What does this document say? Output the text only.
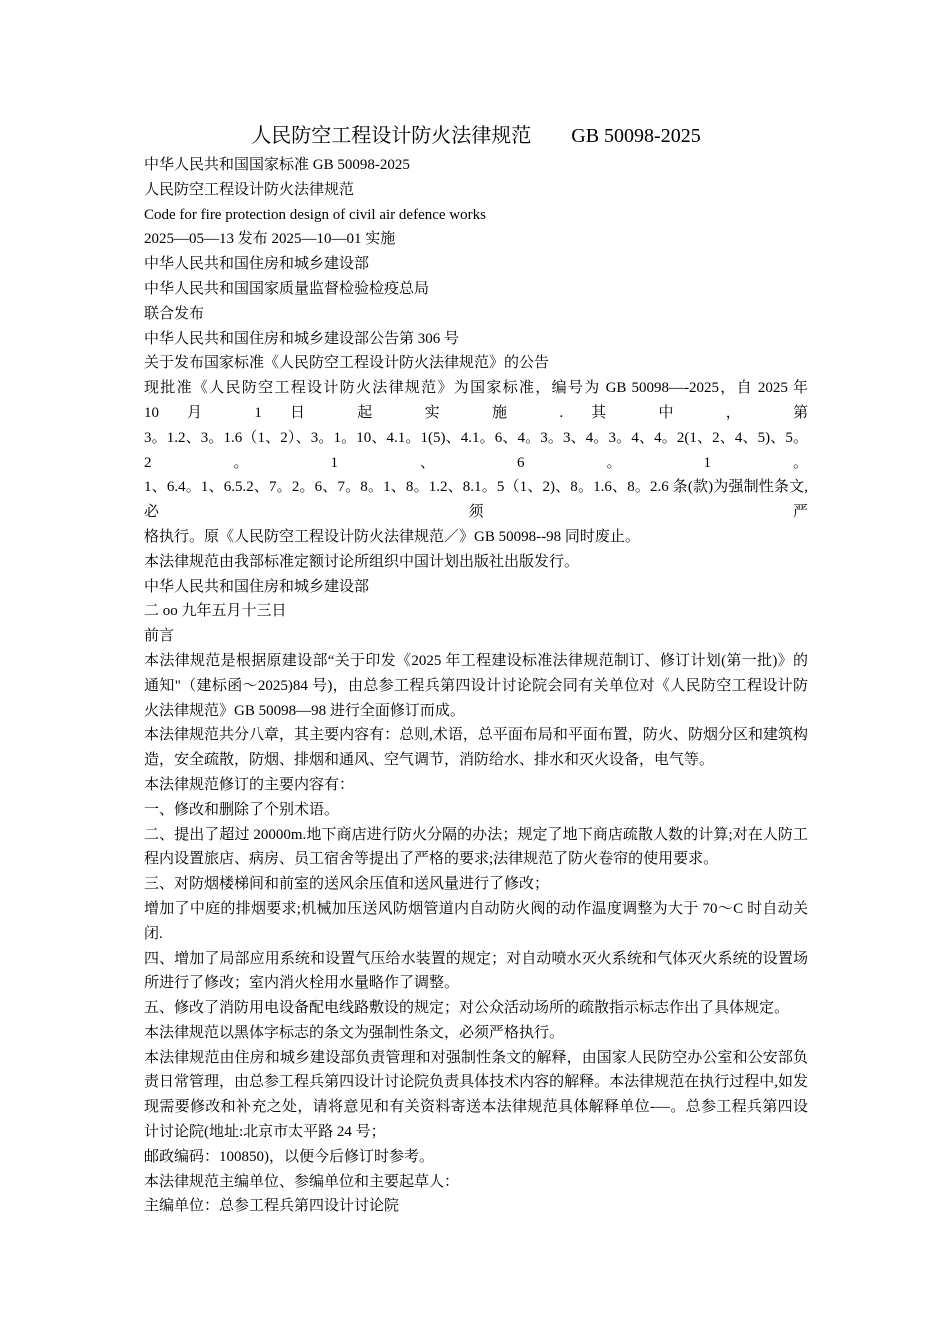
人民防空工程设计防火法律规范　　GB 50098-2025
中华人民共和国国家标准 GB 50098-2025
人民防空工程设计防火法律规范
Code for fire protection design of civil air defence works
2025—05—13 发布 2025—10—01 实施
中华人民共和国住房和城乡建设部
中华人民共和国国家质量监督检验检疫总局
联合发布
中华人民共和国住房和城乡建设部公告第 306 号
关于发布国家标准《人民防空工程设计防火法律规范》的公告
现批准《人民防空工程设计防火法律规范》为国家标准，编号为 GB 50098—-2025，自 2025 年
10 月 1 日 起 实 施 . 其 中 ， 第
3。1.2、3。1.6（1、2）、3。1。10、4.1。1(5)、4.1。6、4。3。3、4。3。4、4。2(1、2、4、5)、5。2。1、6。1。
1、6.4。1、6.5.2、7。2。6、7。8。1、8。1.2、8.1。5（1、2)、8。1.6、8。2.6 条(款)为强制性条文,必须严
格执行。原《人民防空工程设计防火法律规范／》GB 50098--98 同时废止。
本法律规范由我部标准定额讨论所组织中国计划出版社出版发行。
中华人民共和国住房和城乡建设部
二 oo 九年五月十三日
前言

本法律规范是根据原建设部“关于印发《2025 年工程建设标准法律规范制订、修订计划(第一批)》的通知"（建标函～2025)84 号)，由总参工程兵第四设计讨论院会同有关单位对《人民防空工程设计防火法律规范》GB 50098—98 进行全面修订而成。

本法律规范共分八章，其主要内容有：总则,术语，总平面布局和平面布置，防火、防烟分区和建筑构造，安全疏散，防烟、排烟和通风、空气调节，消防给水、排水和灭火设备，电气等。

本法律规范修订的主要内容有：

一、修改和删除了个别术语。

二、提出了超过 20000m.地下商店进行防火分隔的办法；规定了地下商店疏散人数的计算;对在人防工程内设置旅店、病房、员工宿舍等提出了严格的要求;法律规范了防火卷帘的使用要求。

三、对防烟楼梯间和前室的送风余压值和送风量进行了修改；

增加了中庭的排烟要求;机械加压送风防烟管道内自动防火阀的动作温度调整为大于 70～C 时自动关闭.

四、增加了局部应用系统和设置气压给水装置的规定；对自动喷水灭火系统和气体灭火系统的设置场所进行了修改；室内消火栓用水量略作了调整。

五、修改了消防用电设备配电线路敷设的规定；对公众活动场所的疏散指示标志作出了具体规定。

本法律规范以黑体字标志的条文为强制性条文，必须严格执行。

本法律规范由住房和城乡建设部负责管理和对强制性条文的解释，由国家人民防空办公室和公安部负责日常管理，由总参工程兵第四设计讨论院负责具体技术内容的解释。本法律规范在执行过程中,如发现需要修改和补充之处，请将意见和有关资料寄送本法律规范具体解释单位-—。总参工程兵第四设计讨论院(地址:北京市太平路 24 号；

邮政编码：100850)，以便今后修订时参考。

本法律规范主编单位、参编单位和主要起草人：

主编单位：总参工程兵第四设计讨论院
